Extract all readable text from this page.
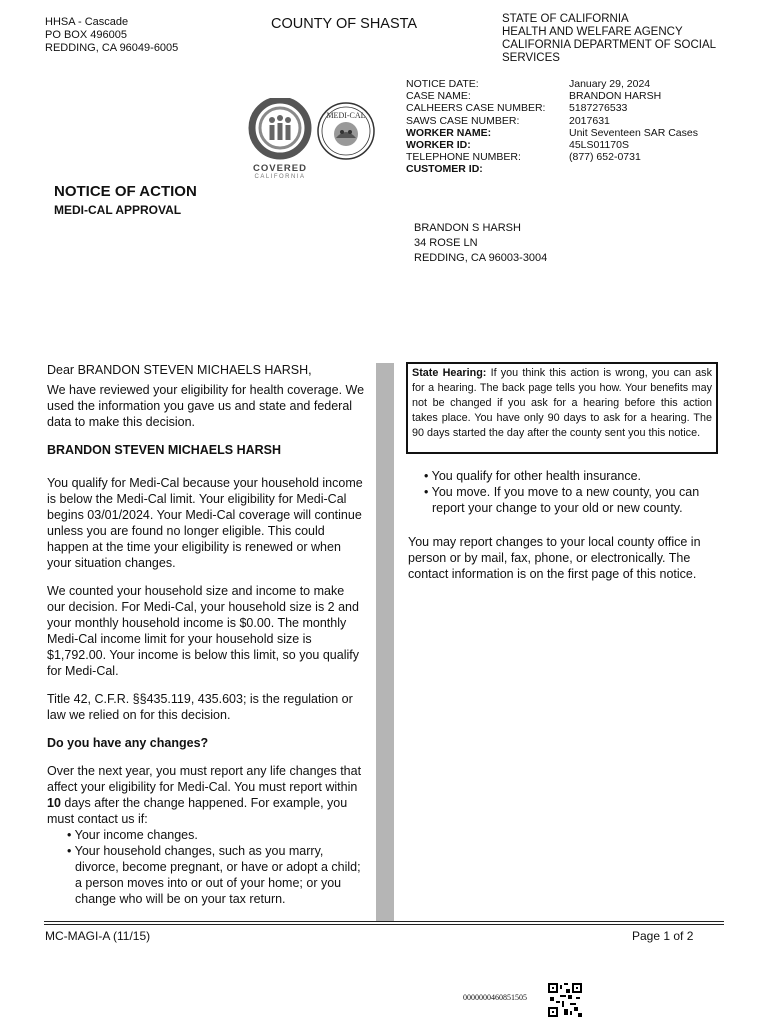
HHSA - Cascade
PO BOX 496005
REDDING, CA 96049-6005
COUNTY OF SHASTA	STATE OF CALIFORNIA
HEALTH AND WELFARE AGENCY
CALIFORNIA DEPARTMENT OF SOCIAL
SERVICES
COVERED
CALIFORNIA
MEDI-CAL
NOTICE DATE:	January 29, 2024
CASE NAME:	BRANDON HARSH
CALHEERS CASE NUMBER:	5187276533
SAWS CASE NUMBER:	2017631
WORKER NAME:	Unit Seventeen SAR Cases
WORKER ID:	45LS01170S
TELEPHONE NUMBER:	(877) 652-0731
CUSTOMER ID:
NOTICE OF ACTION
MEDI-CAL APPROVAL
BRANDON S HARSH
34 ROSE LN
REDDING, CA 96003-3004
Dear BRANDON STEVEN MICHAELS HARSH,
We have reviewed your eligibility for health coverage. We used the information you gave us and state and federal data to make this decision.
BRANDON STEVEN MICHAELS HARSH
You qualify for Medi-Cal because your household income is below the Medi-Cal limit. Your eligibility for Medi-Cal begins 03/01/2024. Your Medi-Cal coverage will continue unless you are found no longer eligible. This could happen at the time your eligibility is renewed or when your situation changes.
We counted your household size and income to make our decision. For Medi-Cal, your household size is 2 and your monthly household income is $0.00. The monthly Medi-Cal income limit for your household size is $1,792.00. Your income is below this limit, so you qualify for Medi-Cal.
Title 42, C.F.R. §§435.119, 435.603; is the regulation or law we relied on for this decision.
Do you have any changes?
Over the next year, you must report any life changes that affect your eligibility for Medi-Cal. You must report within 10 days after the change happened. For example, you must contact us if:
• Your income changes.
• Your household changes, such as you marry, divorce, become pregnant, or have or adopt a child; a person moves into or out of your home; or you change who will be on your tax return.
State Hearing: If you think this action is wrong, you can ask for a hearing. The back page tells you how. Your benefits may not be changed if you ask for a hearing before this action takes place. You have only 90 days to ask for a hearing. The 90 days started the day after the county sent you this notice.
• You qualify for other health insurance.
• You move. If you move to a new county, you can report your change to your old or new county.
You may report changes to your local county office in person or by mail, fax, phone, or electronically. The contact information is on the first page of this notice.
MC-MAGI-A (11/15)	Page 1 of 2
0000000460851505
